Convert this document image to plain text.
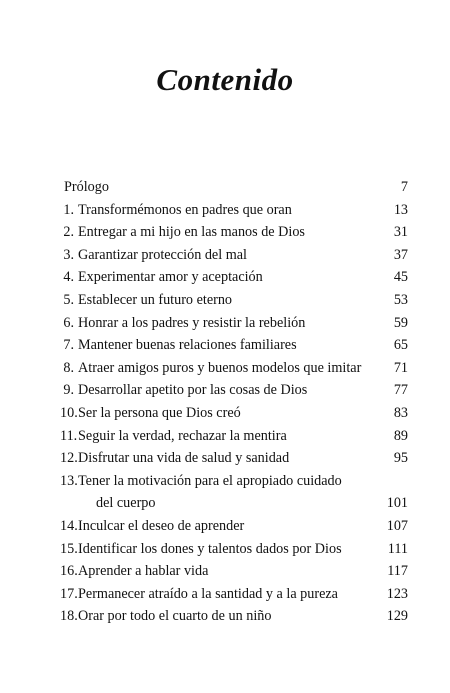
Contenido
Prólogo	7
1. Transformémonos en padres que oran	13
2. Entregar a mi hijo en las manos de Dios	31
3. Garantizar protección del mal	37
4. Experimentar amor y aceptación	45
5. Establecer un futuro eterno	53
6. Honrar a los padres y resistir la rebelión	59
7. Mantener buenas relaciones familiares	65
8. Atraer amigos puros y buenos modelos que imitar	71
9. Desarrollar apetito por las cosas de Dios	77
10.Ser la persona que Dios creó	83
11.Seguir la verdad, rechazar la mentira	89
12.Disfrutar una vida de salud y sanidad	95
13.Tener la motivación para el apropiado cuidado
del cuerpo	101
14.Inculcar el deseo de aprender	107
15.Identificar los dones y talentos dados por Dios	111
16.Aprender a hablar vida	117
17.Permanecer atraído a la santidad y a la pureza	123
18.Orar por todo el cuarto de un niño	129
